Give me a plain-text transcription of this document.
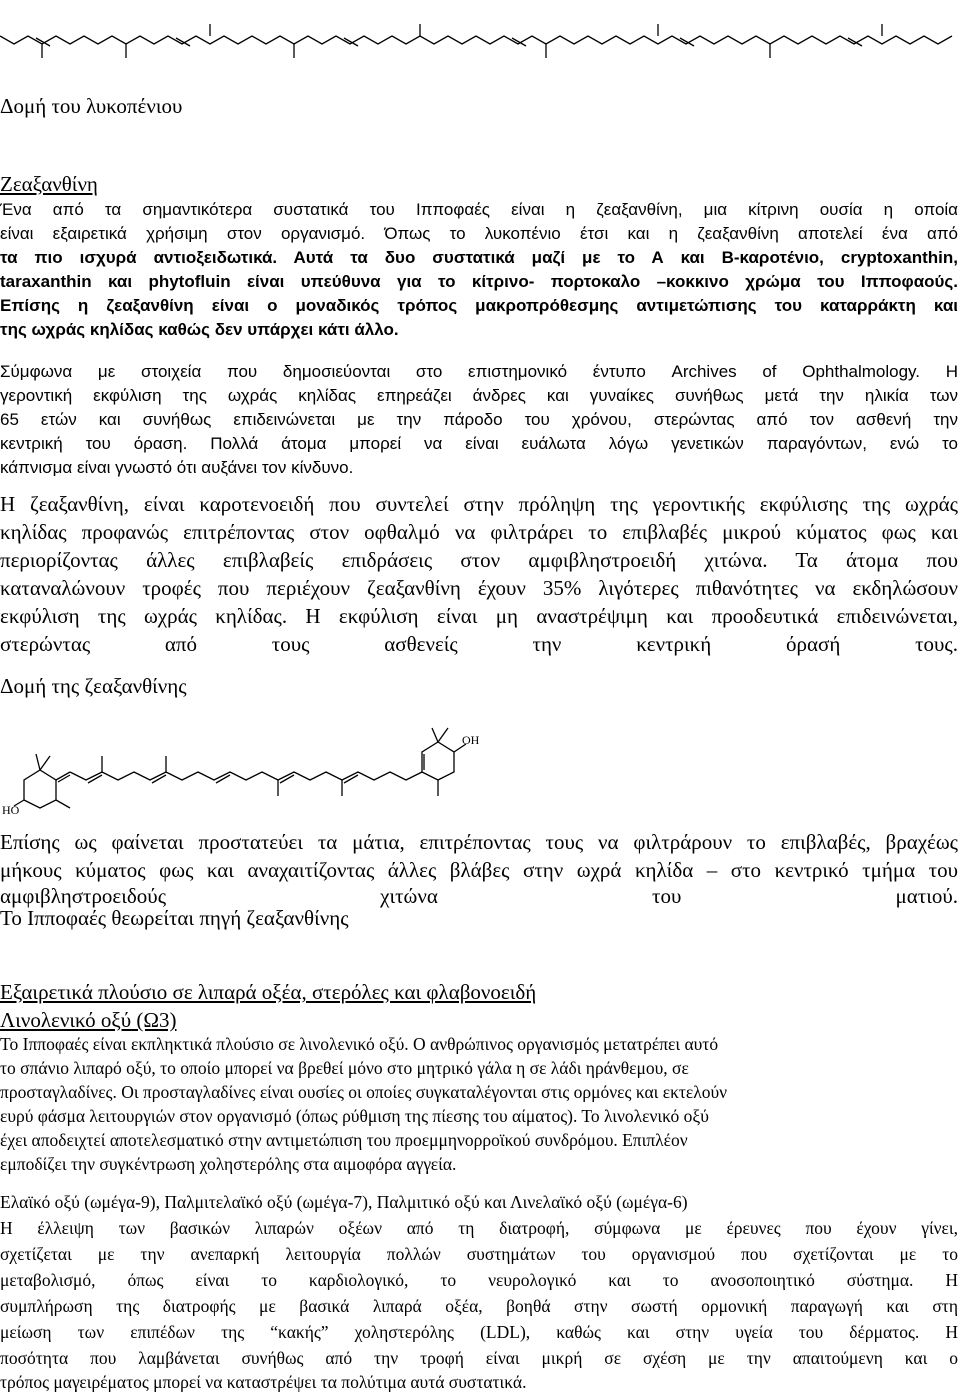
Δομή του λυκοπένιου
Ζεαξανθίνη
Ένα από τα σημαντικότερα συστατικά του Ιπποφαές είναι η ζεαξανθίνη, μια κίτρινη ουσία η οποία
είναι εξαιρετικά χρήσιμη στον οργανισμό. Όπως το λυκοπένιο έτσι και η ζεαξανθίνη αποτελεί ένα από
τα πιο ισχυρά αντιοξειδωτικά. Αυτά τα δυο συστατικά μαζί με το Α και Β-καροτένιο, cryptoxanthin,
taraxanthin και phytofluin είναι υπεύθυνα για το κίτρινο- πορτοκαλο –κοκκινο χρώμα του Ιπποφαούς.
Επίσης η ζεαξανθίνη είναι ο μοναδικός τρόπος μακροπρόθεσμης αντιμετώπισης του καταρράκτη και
της ωχράς κηλίδας καθώς δεν υπάρχει κάτι άλλο.
Σύμφωνα με στοιχεία που δημοσιεύονται στο επιστημονικό έντυπο Archives of Ophthalmology. Η
γεροντική εκφύλιση της ωχράς κηλίδας επηρεάζει άνδρες και γυναίκες συνήθως μετά την ηλικία των
65 ετών και συνήθως επιδεινώνεται με την πάροδο του χρόνου, στερώντας από τον ασθενή την
κεντρική του όραση. Πολλά άτομα μπορεί να είναι ευάλωτα λόγω γενετικών παραγόντων, ενώ το
κάπνισμα είναι γνωστό ότι αυξάνει τον κίνδυνο.
Η ζεαξανθίνη, είναι καροτενοειδή που συντελεί στην πρόληψη της γεροντικής εκφύλισης της ωχράς
κηλίδας προφανώς επιτρέποντας στον οφθαλμό να φιλτράρει το επιβλαβές μικρού κύματος φως και
περιορίζοντας άλλες επιβλαβείς επιδράσεις στον αμφιβληστροειδή χιτώνα. Τα άτομα που
καταναλώνουν τροφές που περιέχουν ζεαξανθίνη έχουν 35% λιγότερες πιθανότητες να εκδηλώσουν
εκφύλιση της ωχράς κηλίδας. Η εκφύλιση είναι μη αναστρέψιμη και προοδευτικά επιδεινώνεται,
στερώντας από τους ασθενείς την κεντρική όρασή τους.
Δομή της ζεαξανθίνης
OH
HO
Επίσης ως φαίνεται προστατεύει τα μάτια, επιτρέποντας τους να φιλτράρουν το επιβλαβές, βραχέως
μήκους κύματος φως και αναχαιτίζοντας άλλες βλάβες στην ωχρά κηλίδα – στο κεντρικό τμήμα του
αμφιβληστροειδούς χιτώνα του ματιού.
Το Ιπποφαές θεωρείται πηγή ζεαξανθίνης
Εξαιρετικά πλούσιο σε λιπαρά οξέα, στερόλες και φλαβονοειδή
Λινολενικό οξύ (Ω3)
Το Ιπποφαές είναι εκπληκτικά πλούσιο σε λινολενικό οξύ. Ο ανθρώπινος οργανισμός μετατρέπει αυτό
το σπάνιο λιπαρό οξύ, το οποίο μπορεί να βρεθεί μόνο στο μητρικό γάλα η σε λάδι ηράνθεμου, σε
προσταγλαδίνες. Οι προσταγλαδίνες είναι ουσίες οι οποίες συγκαταλέγονται στις ορμόνες και εκτελούν
ευρύ φάσμα λειτουργιών στον οργανισμό (όπως ρύθμιση της πίεσης του αίματος). Το λινολενικό οξύ
έχει αποδειχτεί αποτελεσματικό στην αντιμετώπιση του προεμμηνορροϊκού συνδρόμου. Επιπλέον
εμποδίζει την συγκέντρωση χοληστερόλης στα αιμοφόρα αγγεία.
Ελαϊκό οξύ (ωμέγα-9), Παλμιτελαϊκό οξύ (ωμέγα-7), Παλμιτικό οξύ και Λινελαϊκό οξύ (ωμέγα-6)
Η έλλειψη των βασικών λιπαρών οξέων από τη διατροφή, σύμφωνα με έρευνες που έχουν γίνει,
σχετίζεται με την ανεπαρκή λειτουργία πολλών συστημάτων του οργανισμού που σχετίζονται με το
μεταβολισμό, όπως είναι το καρδιολογικό, το νευρολογικό και το ανοσοποιητικό σύστημα. Η
συμπλήρωση της διατροφής με βασικά λιπαρά οξέα, βοηθά στην σωστή ορμονική παραγωγή και στη
μείωση των επιπέδων της “κακής” χοληστερόλης (LDL), καθώς και στην υγεία του δέρματος. Η
ποσότητα που λαμβάνεται συνήθως από την τροφή είναι μικρή σε σχέση με την απαιτούμενη και ο
τρόπος μαγειρέματος μπορεί να καταστρέψει τα πολύτιμα αυτά συστατικά.
